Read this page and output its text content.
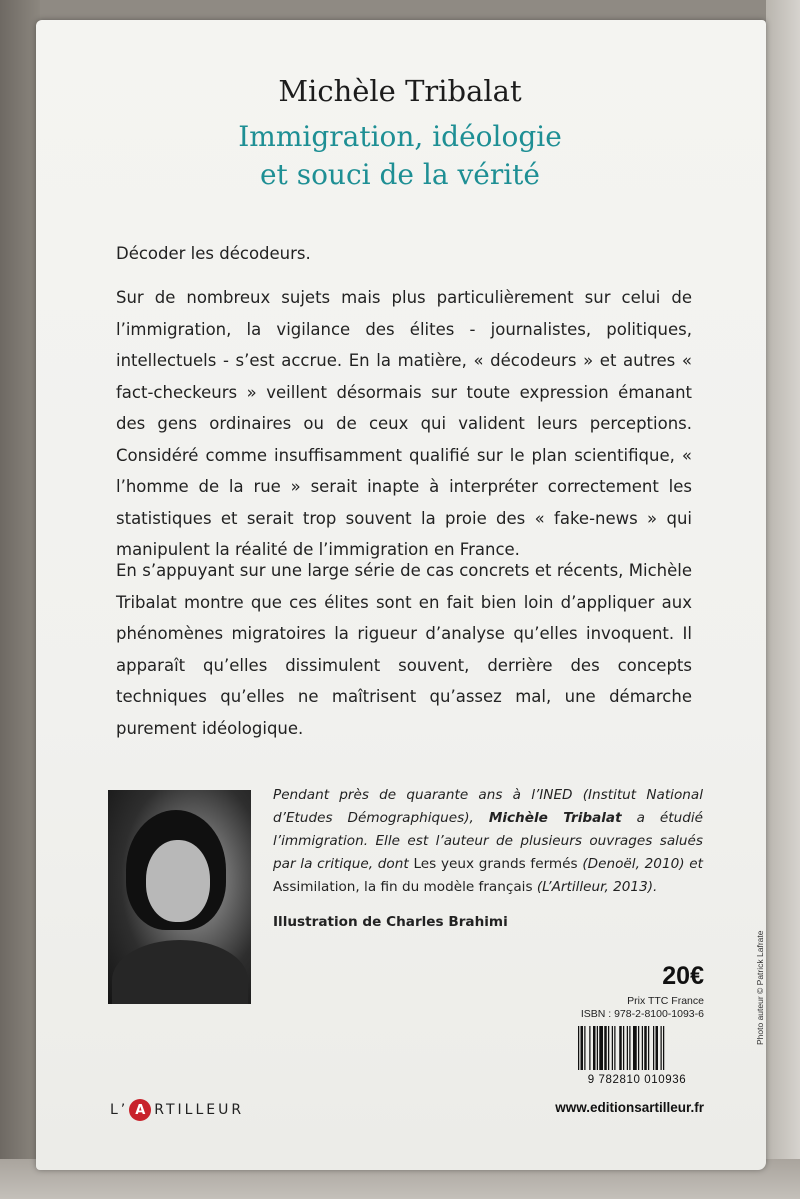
Michèle Tribalat
Immigration, idéologie
et souci de la vérité
Décoder les décodeurs.
Sur de nombreux sujets mais plus particulièrement sur celui de l’immigration, la vigilance des élites - journalistes, politiques, intellectuels - s’est accrue. En la matière, « décodeurs » et autres « fact-checkeurs » veillent désormais sur toute expression émanant des gens ordinaires ou de ceux qui valident leurs perceptions. Considéré comme insuffisamment qualifié sur le plan scientifique, « l’homme de la rue » serait inapte à interpréter correctement les statistiques et serait trop souvent la proie des « fake-news » qui manipulent la réalité de l’immigration en France.
En s’appuyant sur une large série de cas concrets et récents, Michèle Tribalat montre que ces élites sont en fait bien loin d’appliquer aux phénomènes migratoires la rigueur d’analyse qu’elles invoquent. Il apparaît qu’elles dissimulent souvent, derrière des concepts techniques qu’elles ne maîtrisent qu’assez mal, une démarche purement idéologique.
Pendant près de quarante ans à l’INED (Institut National d’Etudes Démographiques), Michèle Tribalat a étudié l’immigration. Elle est l’auteur de plusieurs ouvrages salués par la critique, dont Les yeux grands fermés (Denoël, 2010) et Assimilation, la fin du modèle français (L’Artilleur, 2013).
Illustration de Charles Brahimi
20€
Prix TTC France
ISBN : 978-2-8100-1093-6
9 782810 010936
www.editionsartilleur.fr
L’ A RTILLEUR
Photo auteur © Patrick Lafrate
